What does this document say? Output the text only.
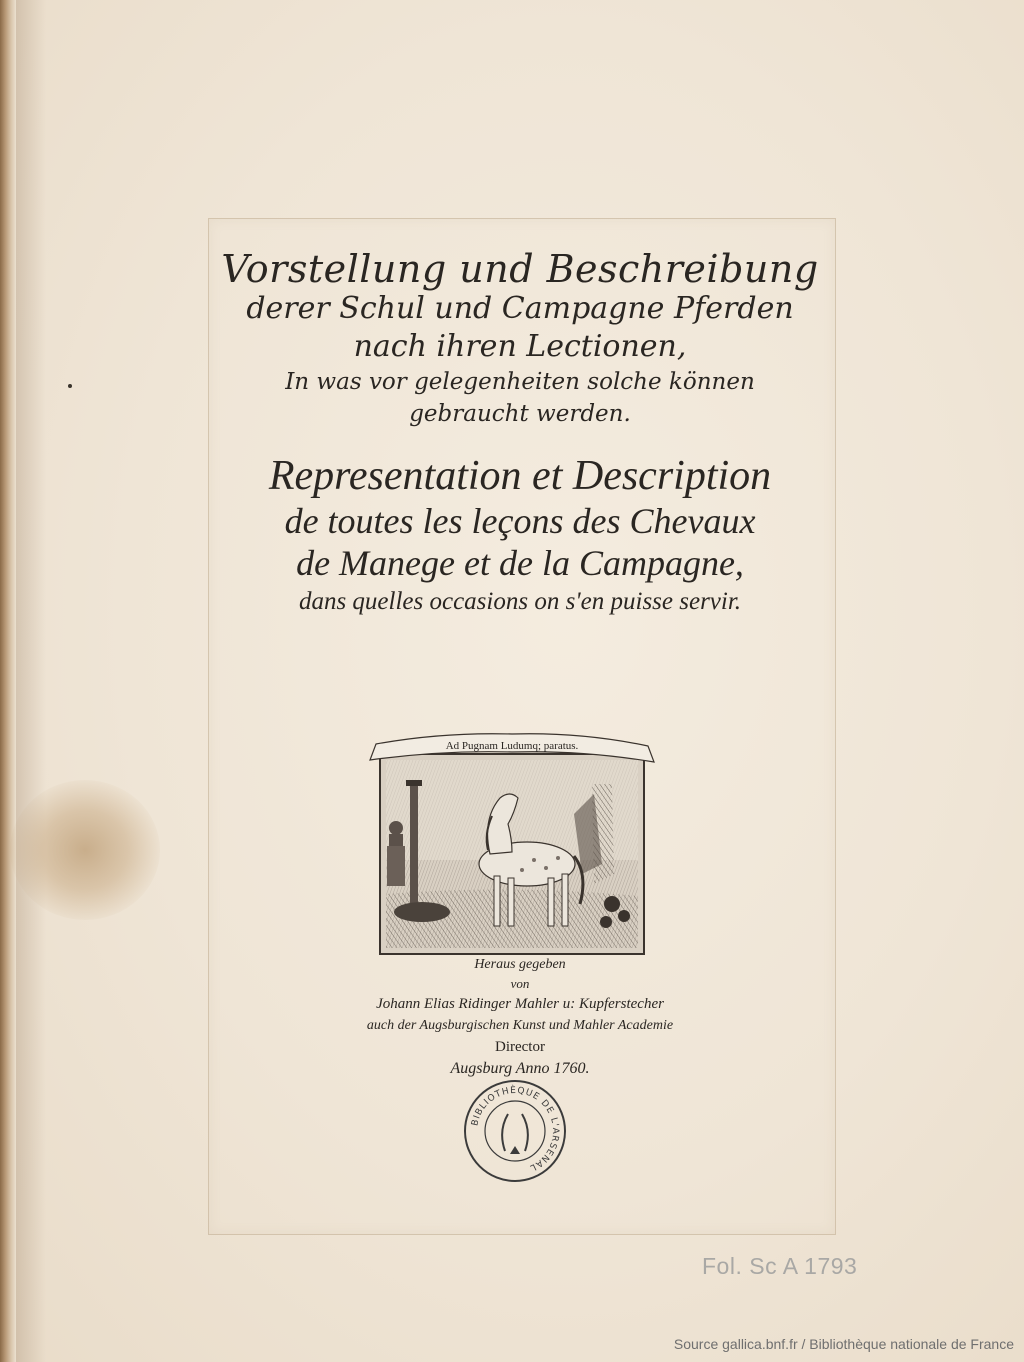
Vorstellung und Beschreibung
derer Schul und Campagne Pferden
nach ihren Lectionen,
In was vor gelegenheiten solche können
gebraucht werden.
Representation et Description
de toutes les leçons des Chevaux
de Manege et de la Campagne,
dans quelles occasions on s'en puisse servir.
Ad Pugnam Ludumq; paratus.
Heraus gegeben
von
Johann Elias Ridinger Mahler u: Kupferstecher
auch der Augsburgischen Kunst und Mahler Academie
Director
Augsburg Anno 1760.
BIBLIOTHÈQUE DE L'ARSENAL
Fol. Sc A 1793
Source gallica.bnf.fr / Bibliothèque nationale de France
